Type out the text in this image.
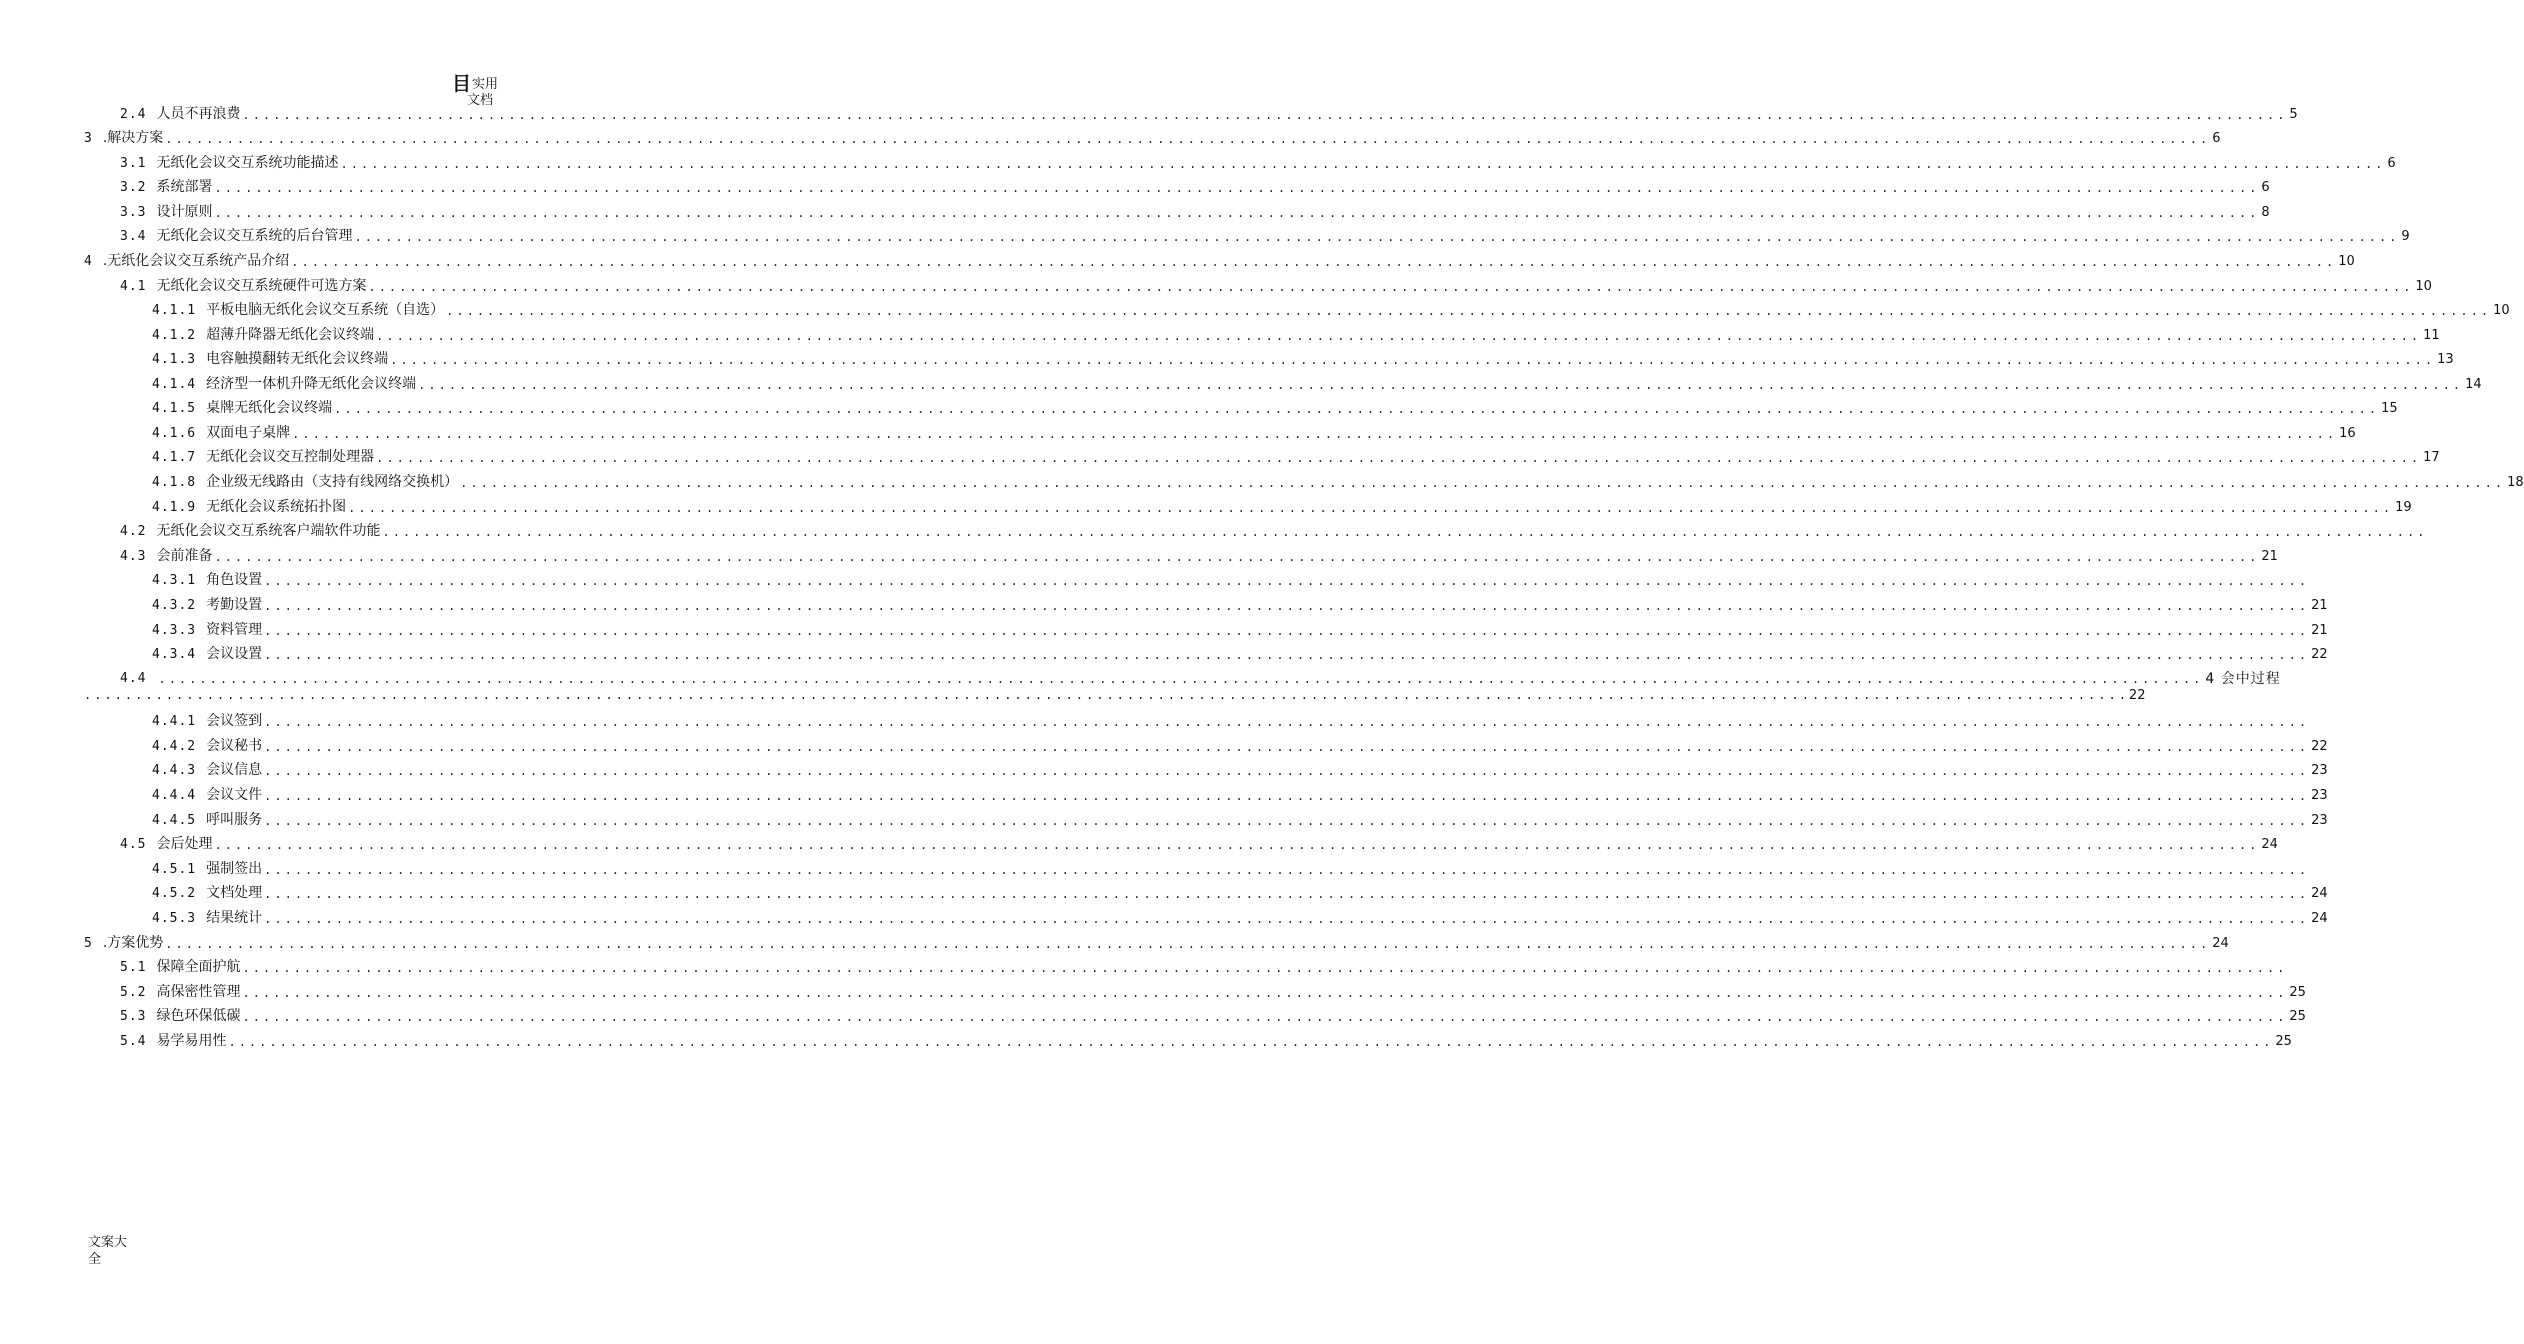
目实用
文档
文案大
全
2.4 人员不再浪费 ........................................................................................................................................................................................................ 5
3 .解决方案 ........................................................................................................................................................................................................ 6
3.1 无纸化会议交互系统功能描述 ........................................................................................................................................................................................................ 6
3.2 系统部署 ........................................................................................................................................................................................................ 6
3.3 设计原则 ........................................................................................................................................................................................................ 8
3.4 无纸化会议交互系统的后台管理 ........................................................................................................................................................................................................ 9
4 .无纸化会议交互系统产品介绍 ........................................................................................................................................................................................................ 10
4.1 无纸化会议交互系统硬件可选方案 ........................................................................................................................................................................................................ 10
4.1.1 平板电脑无纸化会议交互系统（自选） ........................................................................................................................................................................................................ 10
4.1.2 超薄升降器无纸化会议终端 ........................................................................................................................................................................................................ 11
4.1.3 电容触摸翻转无纸化会议终端 ........................................................................................................................................................................................................ 13
4.1.4 经济型一体机升降无纸化会议终端 ........................................................................................................................................................................................................ 14
4.1.5 桌牌无纸化会议终端 ........................................................................................................................................................................................................ 15
4.1.6 双面电子桌牌 ........................................................................................................................................................................................................ 16
4.1.7 无纸化会议交互控制处理器 ........................................................................................................................................................................................................ 17
4.1.8 企业级无线路由（支持有线网络交换机） ........................................................................................................................................................................................................ 18
4.1.9 无纸化会议系统拓扑图 ........................................................................................................................................................................................................ 19
4.2 无纸化会议交互系统客户端软件功能 ........................................................................................................................................................................................................
4.3 会前准备 ........................................................................................................................................................................................................ 21
4.3.1 角色设置 ........................................................................................................................................................................................................
4.3.2 考勤设置 ........................................................................................................................................................................................................ 21
4.3.3 资料管理 ........................................................................................................................................................................................................ 21
4.3.4 会议设置 ........................................................................................................................................................................................................ 22
4.4	........................................................................................................................................................................................................ 4 会中过程
4.4.1 会议签到 ........................................................................................................................................................................................................
4.4.2 会议秘书 ........................................................................................................................................................................................................ 22
4.4.3 会议信息 ........................................................................................................................................................................................................ 23
4.4.4 会议文件 ........................................................................................................................................................................................................ 23
4.4.5 呼叫服务 ........................................................................................................................................................................................................ 23
4.5 会后处理 ........................................................................................................................................................................................................ 24
4.5.1 强制签出 ........................................................................................................................................................................................................
4.5.2 文档处理 ........................................................................................................................................................................................................ 24
4.5.3 结果统计 ........................................................................................................................................................................................................ 24
5 .方案优势 ........................................................................................................................................................................................................ 24
5.1 保障全面护航 ........................................................................................................................................................................................................
5.2 高保密性管理 ........................................................................................................................................................................................................ 25
5.3 绿色环保低碳 ........................................................................................................................................................................................................ 25
5.4 易学易用性 ........................................................................................................................................................................................................ 25
........................................................................................................................................................................................................ 22
